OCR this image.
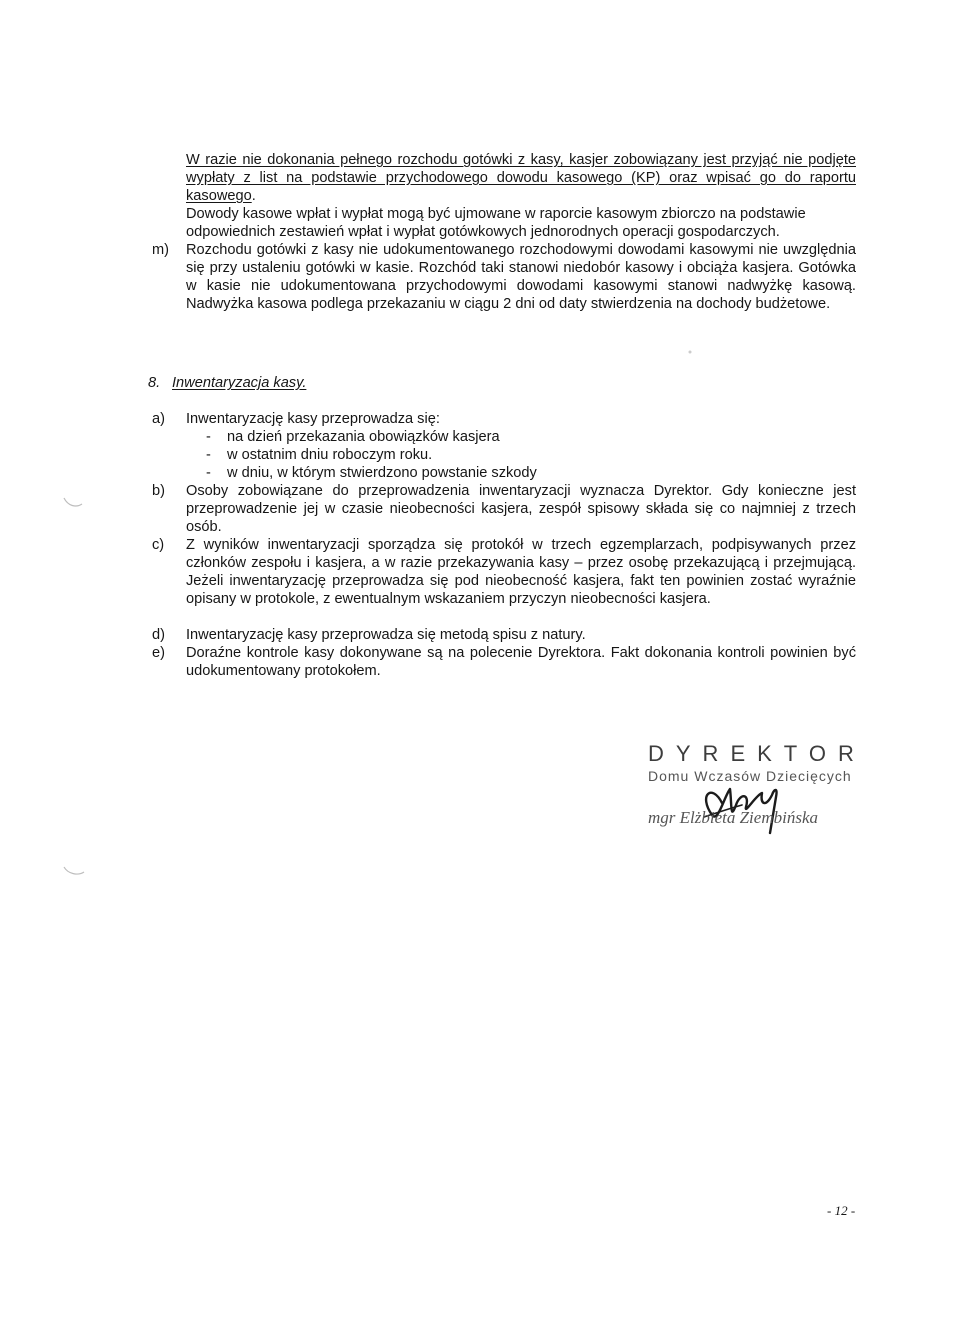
W razie nie dokonania pełnego rozchodu gotówki z kasy, kasjer zobowiązany jest przyjąć nie podjęte wypłaty z list na podstawie przychodowego dowodu kasowego (KP) oraz wpisać go do raportu kasowego.
Dowody kasowe wpłat i wypłat mogą być ujmowane w raporcie kasowym zbiorczo na podstawie odpowiednich zestawień wpłat i wypłat gotówkowych jednorodnych operacji gospodarczych.
m) Rozchodu gotówki z kasy nie udokumentowanego rozchodowymi dowodami kasowymi nie uwzględnia się przy ustaleniu gotówki w kasie. Rozchód taki stanowi niedobór kasowy i obciąża kasjera. Gotówka w kasie nie udokumentowana przychodowymi dowodami kasowymi stanowi nadwyżkę kasową. Nadwyżka kasowa podlega przekazaniu w ciągu 2 dni od daty stwierdzenia na dochody budżetowe.
8. Inwentaryzacja kasy.
a) Inwentaryzację kasy przeprowadza się:
- na dzień przekazania obowiązków kasjera
- w ostatnim dniu roboczym roku.
- w dniu, w którym stwierdzono powstanie szkody
b) Osoby zobowiązane do przeprowadzenia inwentaryzacji wyznacza Dyrektor. Gdy konieczne jest przeprowadzenie jej w czasie nieobecności kasjera, zespół spisowy składa się co najmniej z trzech osób.
c) Z wyników inwentaryzacji sporządza się protokół w trzech egzemplarzach, podpisywanych przez członków zespołu i kasjera, a w razie przekazywania kasy – przez osobę przekazującą i przejmującą. Jeżeli inwentaryzację przeprowadza się pod nieobecność kasjera, fakt ten powinien zostać wyraźnie opisany w protokole, z ewentualnym wskazaniem przyczyn nieobecności kasjera.
d) Inwentaryzację kasy przeprowadza się metodą spisu z natury.
e) Doraźne kontrole kasy dokonywane są na polecenie Dyrektora. Fakt dokonania kontroli powinien być udokumentowany protokołem.
DYREKTOR
Domu Wczasów Dziecięcych
mgr Elżbieta Ziembińska
- 12 -
